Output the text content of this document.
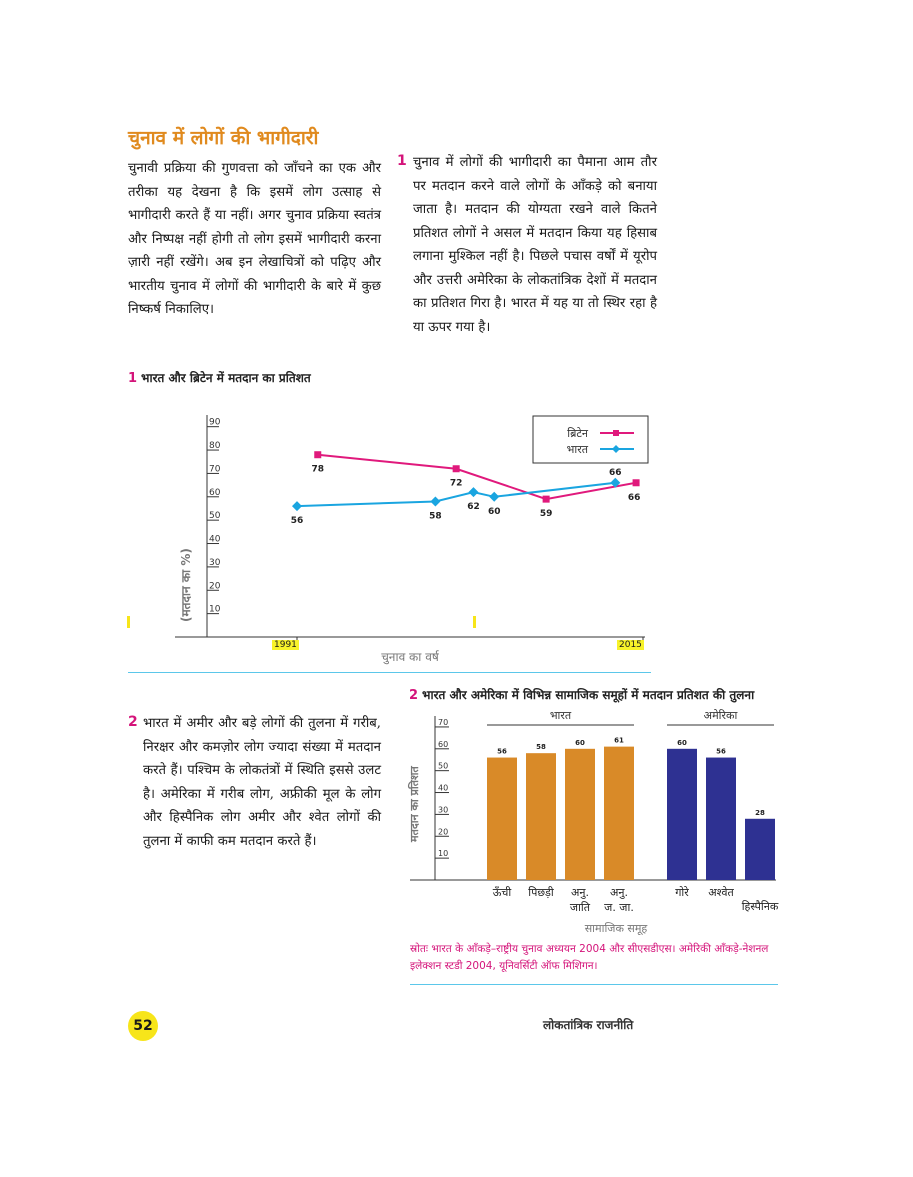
चुनाव में लोगों की भागीदारी

चुनावी प्रक्रिया की गुणवत्ता को जाँचने का एक और तरीका यह देखना है कि इसमें लोग उत्साह से भागीदारी करते हैं या नहीं। अगर चुनाव प्रक्रिया स्वतंत्र और निष्पक्ष नहीं होगी तो लोग इसमें भागीदारी करना ज़ारी नहीं रखेंगे। अब इन लेखाचित्रों को पढ़िए और भारतीय चुनाव में लोगों की भागीदारी के बारे में कुछ निष्कर्ष निकालिए।

1 चुनाव में लोगों की भागीदारी का पैमाना आम तौर पर मतदान करने वाले लोगों के आँकड़े को बनाया जाता है। मतदान की योग्यता रखने वाले कितने प्रतिशत लोगों ने असल में मतदान किया यह हिसाब लगाना मुश्किल नहीं है। पिछले पचास वर्षों में यूरोप और उत्तरी अमेरिका के लोकतांत्रिक देशों में मतदान का प्रतिशत गिरा है। भारत में यह या तो स्थिर रहा है या ऊपर गया है।

1 भारत और ब्रिटेन में मतदान का प्रतिशत
10
20
30
40
50
60
70
80
90
78
72
59
66
56	58
62 60
66
ब्रिटेन
भारत
(मतदान का %)
चुनाव का वर्ष
1991	2015
2 भारत में अमीर और बड़े लोगों की तुलना में गरीब, निरक्षर और कमज़ोर लोग ज्यादा संख्या में मतदान करते हैं। पश्चिम के लोकतंत्रों में स्थिति इससे उलट है। अमेरिका में गरीब लोग, अफ्रीकी मूल के लोग और हिस्पैनिक लोग अमीर और श्वेत लोगों की तुलना में काफी कम मतदान करते हैं।

2 भारत और अमेरिका में विभिन्न सामाजिक समूहों में मतदान प्रतिशत की तुलना
10
20
30
40
50
60
70
भारत
56
ऊँची
58
पिछड़ी
60
अनु.
जाति
61
अनु.
ज. जा.
अमेरिका
60
गोरे
56
अश्वेत
28
हिस्पैनिक
मतदान का प्रतिशत
सामाजिक समूह
स्रोतः भारत के आँकड़े–राष्ट्रीय चुनाव अध्ययन 2004 और सीएसडीएस। अमेरिकी आँकड़े-नेशनल इलेक्शन स्टडी 2004, यूनिवर्सिटी ऑफ मिशिगन।
52	लोकतांत्रिक राजनीति
